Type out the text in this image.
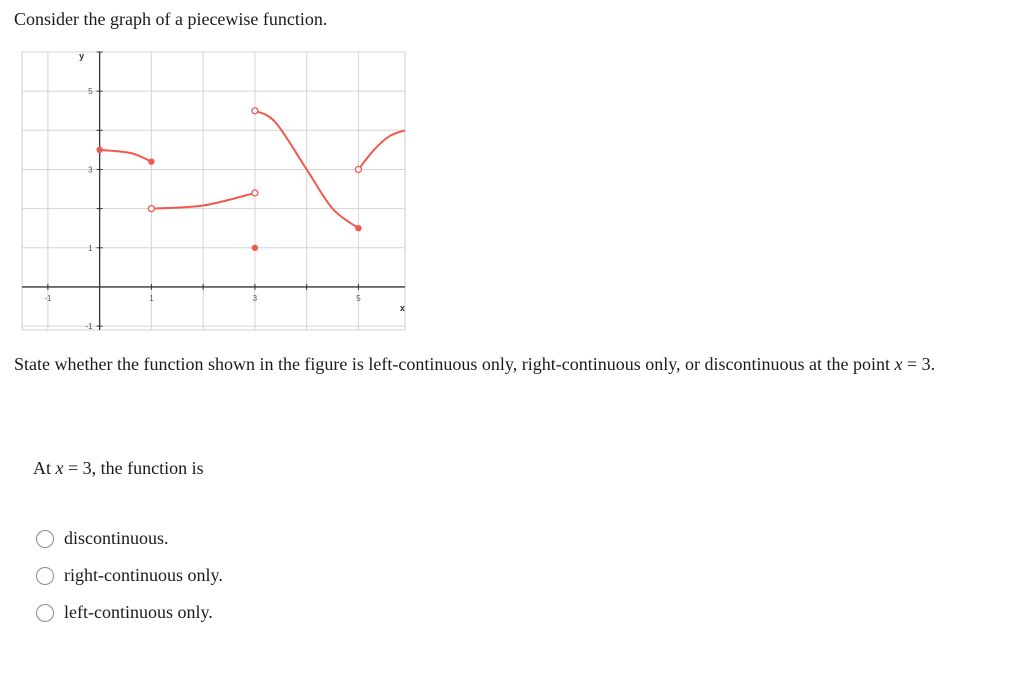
Consider the graph of a piecewise function.
-1	1	3	5
5
3
1
-1
x
y
State whether the function shown in the figure is left-continuous only, right-continuous only, or discontinuous at the point x = 3.
At x = 3, the function is
discontinuous.
right-continuous only.
left-continuous only.
